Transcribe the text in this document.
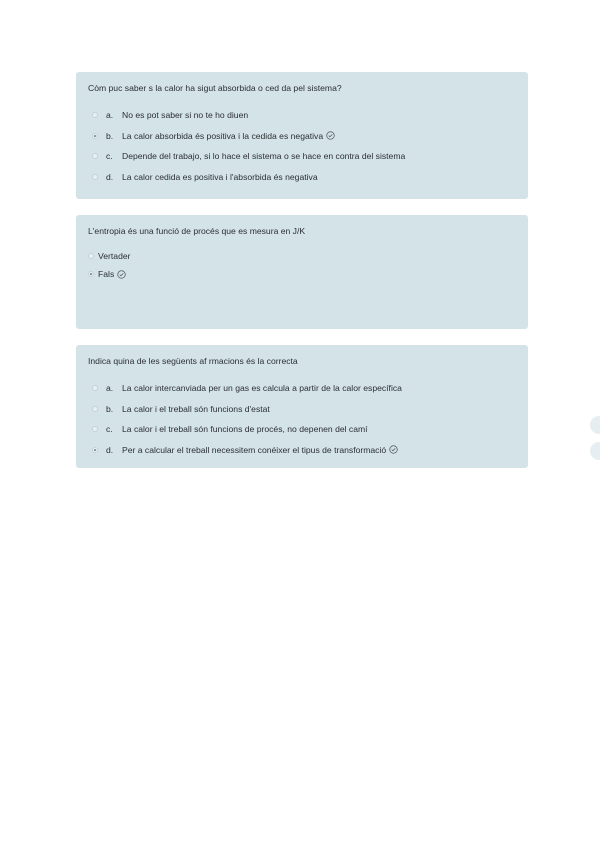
Còm puc saber s la calor ha sigut absorbida o ced da pel sistema?

a.	No es pot saber si no te ho diuen
b.	La calor absorbida és positiva i la cedida es negativa
c.	Depende del trabajo, si lo hace el sistema o se hace en contra del sistema
d.	La calor cedida es positiva i l'absorbida és negativa

L'entropia és una funció de procés que es mesura en J/K

Vertader
Fals

Indica quina de les següents af rmacions és la correcta

a.	La calor intercanviada per un gas es calcula a partir de la calor específica
b.	La calor i el treball són funcions d'estat
c.	La calor i el treball són funcions de procés, no depenen del camí
d.	Per a calcular el treball necessitem conéixer el tipus de transformació
